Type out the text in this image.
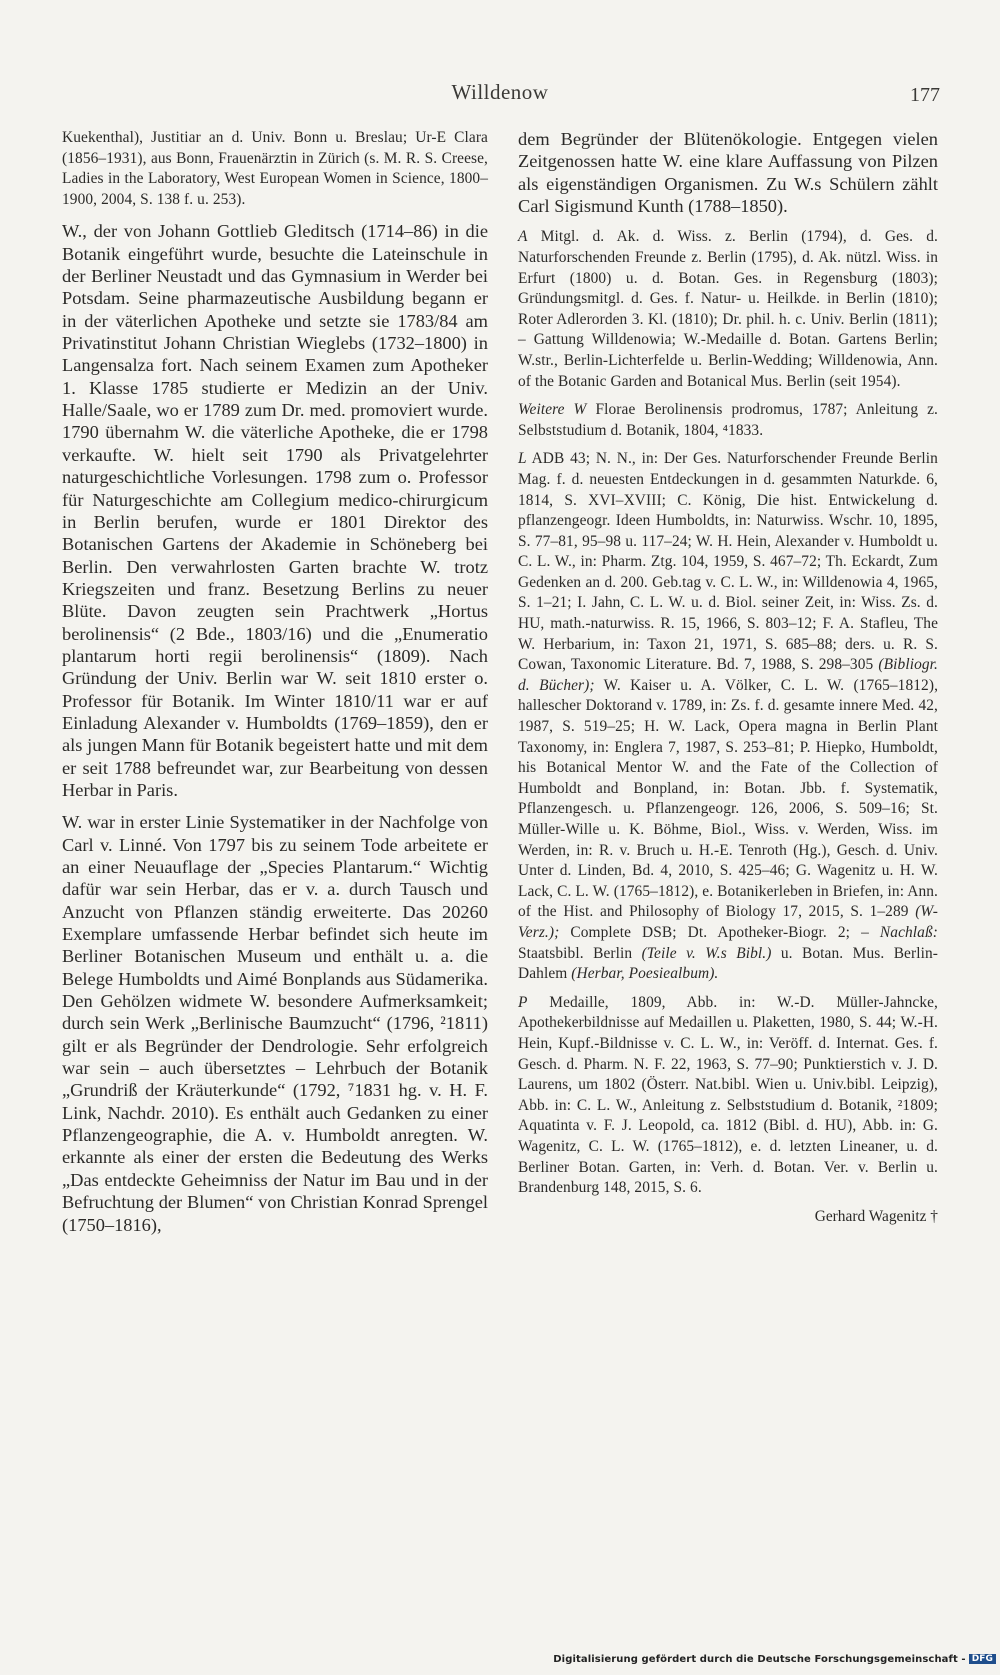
Willdenow	177

Kuekenthal), Justitiar an d. Univ. Bonn u. Breslau; Ur-E Clara (1856–1931), aus Bonn, Frauenärztin in Zürich (s. M. R. S. Creese, Ladies in the Laboratory, West European Women in Science, 1800–1900, 2004, S. 138 f. u. 253).

W., der von Johann Gottlieb Gleditsch (1714–86) in die Botanik eingeführt wurde, besuchte die Lateinschule in der Berliner Neustadt und das Gymnasium in Werder bei Potsdam. Seine pharmazeutische Ausbildung begann er in der väterlichen Apotheke und setzte sie 1783/84 am Privatinstitut Johann Christian Wieglebs (1732–1800) in Langensalza fort. Nach seinem Examen zum Apotheker 1. Klasse 1785 studierte er Medizin an der Univ. Halle/Saale, wo er 1789 zum Dr. med. promoviert wurde. 1790 übernahm W. die väterliche Apotheke, die er 1798 verkaufte. W. hielt seit 1790 als Privatgelehrter naturgeschichtliche Vorlesungen. 1798 zum o. Professor für Naturgeschichte am Collegium medico-chirurgicum in Berlin berufen, wurde er 1801 Direktor des Botanischen Gartens der Akademie in Schöneberg bei Berlin. Den verwahrlosten Garten brachte W. trotz Kriegszeiten und franz. Besetzung Berlins zu neuer Blüte. Davon zeugten sein Prachtwerk „Hortus berolinensis“ (2 Bde., 1803/16) und die „Enumeratio plantarum horti regii berolinensis“ (1809). Nach Gründung der Univ. Berlin war W. seit 1810 erster o. Professor für Botanik. Im Winter 1810/11 war er auf Einladung Alexander v. Humboldts (1769–1859), den er als jungen Mann für Botanik begeistert hatte und mit dem er seit 1788 befreundet war, zur Bearbeitung von dessen Herbar in Paris.

W. war in erster Linie Systematiker in der Nachfolge von Carl v. Linné. Von 1797 bis zu seinem Tode arbeitete er an einer Neuauflage der „Species Plantarum.“ Wichtig dafür war sein Herbar, das er v. a. durch Tausch und Anzucht von Pflanzen ständig erweiterte. Das 20260 Exemplare umfassende Herbar befindet sich heute im Berliner Botanischen Museum und enthält u. a. die Belege Humboldts und Aimé Bonplands aus Südamerika. Den Gehölzen widmete W. besondere Aufmerksamkeit; durch sein Werk „Berlinische Baumzucht“ (1796, ²1811) gilt er als Begründer der Dendrologie. Sehr erfolgreich war sein – auch übersetztes – Lehrbuch der Botanik „Grundriß der Kräuterkunde“ (1792, ⁷1831 hg. v. H. F. Link, Nachdr. 2010). Es enthält auch Gedanken zu einer Pflanzengeographie, die A. v. Humboldt anregten. W. erkannte als einer der ersten die Bedeutung des Werks „Das entdeckte Geheimniss der Natur im Bau und in der Befruchtung der Blumen“ von Christian Konrad Sprengel (1750–1816),

dem Begründer der Blütenökologie. Entgegen vielen Zeitgenossen hatte W. eine klare Auffassung von Pilzen als eigenständigen Organismen. Zu W.s Schülern zählt Carl Sigismund Kunth (1788–1850).

A Mitgl. d. Ak. d. Wiss. z. Berlin (1794), d. Ges. d. Naturforschenden Freunde z. Berlin (1795), d. Ak. nützl. Wiss. in Erfurt (1800) u. d. Botan. Ges. in Regensburg (1803); Gründungsmitgl. d. Ges. f. Natur- u. Heilkde. in Berlin (1810); Roter Adlerorden 3. Kl. (1810); Dr. phil. h. c. Univ. Berlin (1811); – Gattung Willdenowia; W.-Medaille d. Botan. Gartens Berlin; W.str., Berlin-Lichterfelde u. Berlin-Wedding; Willdenowia, Ann. of the Botanic Garden and Botanical Mus. Berlin (seit 1954).

Weitere W Florae Berolinensis prodromus, 1787; Anleitung z. Selbststudium d. Botanik, 1804, ⁴1833.

L ADB 43; N. N., in: Der Ges. Naturforschender Freunde Berlin Mag. f. d. neuesten Entdeckungen in d. gesammten Naturkde. 6, 1814, S. XVI–XVIII; C. König, Die hist. Entwickelung d. pflanzengeogr. Ideen Humboldts, in: Naturwiss. Wschr. 10, 1895, S. 77–81, 95–98 u. 117–24; W. H. Hein, Alexander v. Humboldt u. C. L. W., in: Pharm. Ztg. 104, 1959, S. 467–72; Th. Eckardt, Zum Gedenken an d. 200. Geb.tag v. C. L. W., in: Willdenowia 4, 1965, S. 1–21; I. Jahn, C. L. W. u. d. Biol. seiner Zeit, in: Wiss. Zs. d. HU, math.-naturwiss. R. 15, 1966, S. 803–12; F. A. Stafleu, The W. Herbarium, in: Taxon 21, 1971, S. 685–88; ders. u. R. S. Cowan, Taxonomic Literature. Bd. 7, 1988, S. 298–305 (Bibliogr. d. Bücher); W. Kaiser u. A. Völker, C. L. W. (1765–1812), hallescher Doktorand v. 1789, in: Zs. f. d. gesamte innere Med. 42, 1987, S. 519–25; H. W. Lack, Opera magna in Berlin Plant Taxonomy, in: Englera 7, 1987, S. 253–81; P. Hiepko, Humboldt, his Botanical Mentor W. and the Fate of the Collection of Humboldt and Bonpland, in: Botan. Jbb. f. Systematik, Pflanzengesch. u. Pflanzengeogr. 126, 2006, S. 509–16; St. Müller-Wille u. K. Böhme, Biol., Wiss. v. Werden, Wiss. im Werden, in: R. v. Bruch u. H.-E. Tenroth (Hg.), Gesch. d. Univ. Unter d. Linden, Bd. 4, 2010, S. 425–46; G. Wagenitz u. H. W. Lack, C. L. W. (1765–1812), e. Botanikerleben in Briefen, in: Ann. of the Hist. and Philosophy of Biology 17, 2015, S. 1–289 (W-Verz.); Complete DSB; Dt. Apotheker-Biogr. 2; – Nachlaß: Staatsbibl. Berlin (Teile v. W.s Bibl.) u. Botan. Mus. Berlin-Dahlem (Herbar, Poesiealbum).

P Medaille, 1809, Abb. in: W.-D. Müller-Jahncke, Apothekerbildnisse auf Medaillen u. Plaketten, 1980, S. 44; W.-H. Hein, Kupf.-Bildnisse v. C. L. W., in: Veröff. d. Internat. Ges. f. Gesch. d. Pharm. N. F. 22, 1963, S. 77–90; Punktierstich v. J. D. Laurens, um 1802 (Österr. Nat.bibl. Wien u. Univ.bibl. Leipzig), Abb. in: C. L. W., Anleitung z. Selbststudium d. Botanik, ²1809; Aquatinta v. F. J. Leopold, ca. 1812 (Bibl. d. HU), Abb. in: G. Wagenitz, C. L. W. (1765–1812), e. d. letzten Lineaner, u. d. Berliner Botan. Garten, in: Verh. d. Botan. Ver. v. Berlin u. Brandenburg 148, 2015, S. 6.

Gerhard Wagenitz †

Digitalisierung gefördert durch die Deutsche Forschungsgemeinschaft - DFG
